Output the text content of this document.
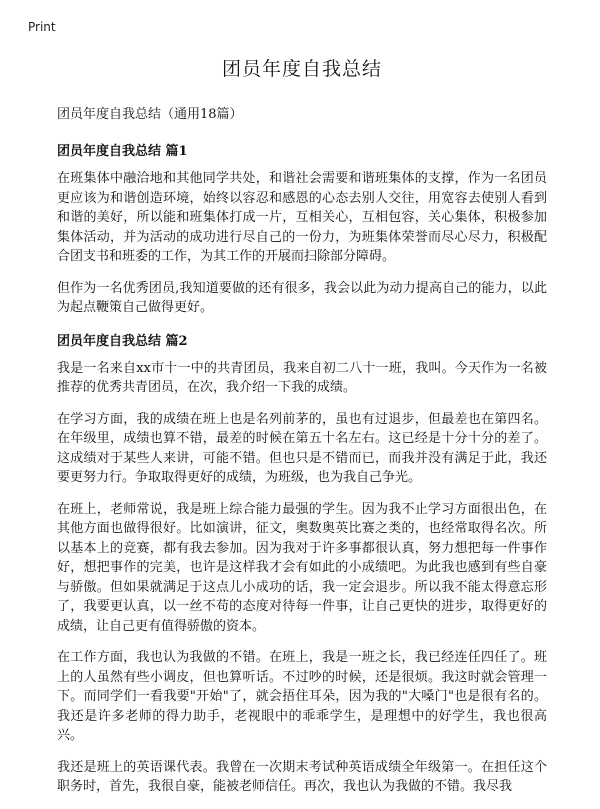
Print
团员年度自我总结

团员年度自我总结（通用18篇）

团员年度自我总结 篇1

在班集体中融洽地和其他同学共处，和谐社会需要和谐班集体的支撑，作为一名团员更应该为和谐创造环境，始终以容忍和感恩的心态去别人交往，用宽容去使别人看到和谐的美好，所以能和班集体打成一片，互相关心，互相包容，关心集体，积极参加集体活动，并为活动的成功进行尽自己的一份力，为班集体荣誉而尽心尽力，积极配合团支书和班委的工作，为其工作的开展而扫除部分障碍。

但作为一名优秀团员,我知道要做的还有很多，我会以此为动力提高自己的能力，以此为起点鞭策自己做得更好。

团员年度自我总结 篇2

我是一名来自xx市十一中的共青团员，我来自初二八十一班，我叫。今天作为一名被推荐的优秀共青团员，在次，我介绍一下我的成绩。

在学习方面，我的成绩在班上也是名列前茅的，虽也有过退步，但最差也在第四名。在年级里，成绩也算不错，最差的时候在第五十名左右。这已经是十分十分的差了。这成绩对于某些人来讲，可能不错。但也只是不错而已，而我并没有满足于此，我还要更努力行。争取取得更好的成绩，为班级，也为我自己争光。

在班上，老师常说，我是班上综合能力最强的学生。因为我不止学习方面很出色，在其他方面也做得很好。比如演讲，征文，奥数奥英比赛之类的，也经常取得名次。所以基本上的竞赛，都有我去参加。因为我对于许多事都很认真，努力想把每一件事作好，想把事作的完美，也许是这样我才会有如此的小成绩吧。为此我也感到有些自豪与骄傲。但如果就满足于这点儿小成功的话，我一定会退步。所以我不能太得意忘形了，我要更认真，以一丝不苟的态度对待每一件事，让自己更快的进步，取得更好的成绩，让自己更有值得骄傲的资本。

在工作方面，我也认为我做的不错。在班上，我是一班之长，我已经连任四任了。班上的人虽然有些小调皮，但也算听话。不过吵的时候，还是很烦。我这时就会管理一下。而同学们一看我要"开始"了，就会捂住耳朵，因为我的"大嗓门"也是很有名的。我还是许多老师的得力助手，老视眼中的乖乖学生，是理想中的好学生，我也很高兴。

我还是班上的英语课代表。我曾在一次期末考试种英语成绩全年级第一。在担任这个职务时，首先，我很自豪，能被老师信任。再次，我也认为我做的不错。我尽我
